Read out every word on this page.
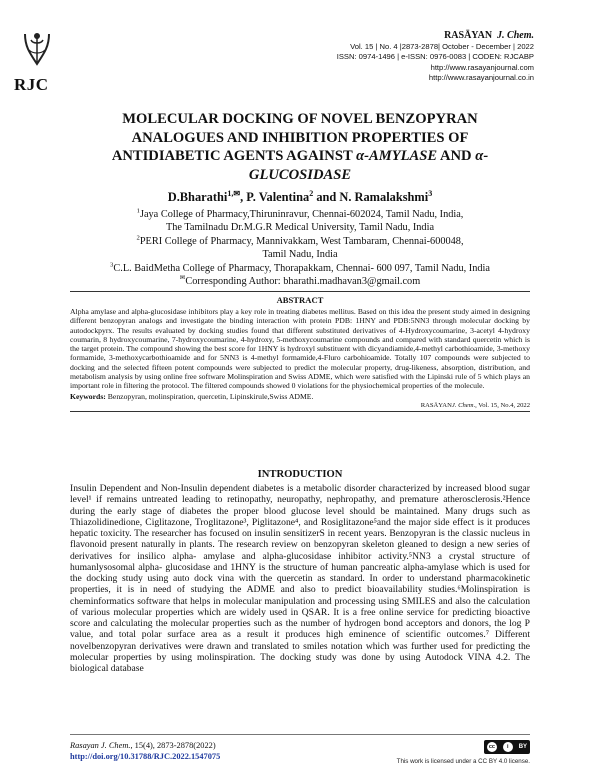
RJC
RASĀYAN J. Chem.
Vol. 15 | No. 4 |2873-2878| October - December | 2022
ISSN: 0974-1496 | e-ISSN: 0976-0083 | CODEN: RJCABP
http://www.rasayanjournal.com
http://www.rasayanjournal.co.in
MOLECULAR DOCKING OF NOVEL BENZOPYRAN
ANALOGUES AND INHIBITION PROPERTIES OF
ANTIDIABETIC AGENTS AGAINST α-AMYLASE AND α-
GLUCOSIDASE
D.Bharathi$^{1,✉}$, P. Valentina$^2$ and N. Ramalakshmi$^3$
$^1$Jaya College of Pharmacy,Thiruninravur, Chennai-602024, Tamil Nadu, India,
The Tamilnadu Dr.M.G.R Medical University, Tamil Nadu, India
$^2$PERI College of Pharmacy, Mannivakkam, West Tambaram, Chennai-600048,
Tamil Nadu, India
$^3$C.L. BaidMetha College of Pharmacy, Thorapakkam, Chennai- 600 097, Tamil Nadu, India
✉Corresponding Author: bharathi.madhavan3@gmail.com
ABSTRACT
Alpha amylase and alpha-glucosidase inhibitors play a key role in treating diabetes mellitus. Based on this idea the present study aimed in designing different benzopyran analogs and investigate the binding interaction with protein PDB: 1HNY and PDB:5NN3 through molecular docking by autodockpyrx. The results evaluated by docking studies found that different substituted derivatives of 4-Hydroxycoumarine, 3-acetyl 4-hydroxy coumarin, 8 hydroxycoumarine, 7-hydroxycoumarine, 4-hydroxy, 5-methoxycoumarine compounds and compared with standard quercetin which is the target protein. The compound showing the best score for 1HNY is hydroxyl substituent with dicyandiamide,4-methyl carbothioamide, 3-methoxy formamide, 3-methoxycarbothioamide and for 5NN3 is 4-methyl formamide,4-Fluro carbohioamide. Totally 107 compounds were subjected to docking and the selected fifteen potent compounds were subjected to predict the molecular property, drug-likeness, absorption, distribution, and metabolism analysis by using online free software Molinspiration and Swiss ADME, which were satisfied with the Lipinski rule of 5 which plays an important role in filtering the protocol. The filtered compounds showed 0 violations for the physiochemical properties of the molecule.
Keywords: Benzopyran, molinspiration, quercetin, Lipinskirule,Swiss ADME.
RASĀYANJ. Chem., Vol. 15, No.4, 2022
INTRODUCTION
Insulin Dependent and Non-Insulin dependent diabetes is a metabolic disorder characterized by increased blood sugar level¹ if remains untreated leading to retinopathy, neuropathy, nephropathy, and premature atherosclerosis.²Hence during the early stage of diabetes the proper blood glucose level should be maintained. Many drugs such as Thiazolidinedione, Ciglitazone, Troglitazone³, Piglitazone⁴, and Rosiglitazone⁵and the major side effect is it produces hepatic toxicity. The researcher has focused on insulin sensitizerS in recent years. Benzopyran is the classic nucleus in flavonoid present naturally in plants. The research review on benzopyran skeleton gleaned to design a new series of derivatives for insilico alpha- amylase and alpha-glucosidase inhibitor activity.⁵NN3 a crystal structure of humanlysosomal alpha- glucosidase and 1HNY is the structure of human pancreatic alpha-amylase which is used for the docking study using auto dock vina with the quercetin as standard. In order to understand pharmacokinetic properties, it is in need of studying the ADME and also to predict bioavailability studies.⁶Molinspiration is cheminformatics software that helps in molecular manipulation and processing using SMILES and also the calculation of various molecular properties which are widely used in QSAR. It is a free online service for predicting bioactive score and calculating the molecular properties such as the number of hydrogen bond acceptors and donors, the log P value, and total polar surface area as a result it produces high eminence of scientific outcomes.⁷ Different novelbenzopyran derivatives were drawn and translated to smiles notation which was further used for predicting the molecular properties by using molinspiration. The docking study was done by using Autodock VINA 4.2. The biological database
Rasayan J. Chem., 15(4), 2873-2878(2022)
http://doi.org/10.31788/RJC.2022.1547075
cc	i	BY
This work is licensed under a CC BY 4.0 license.
